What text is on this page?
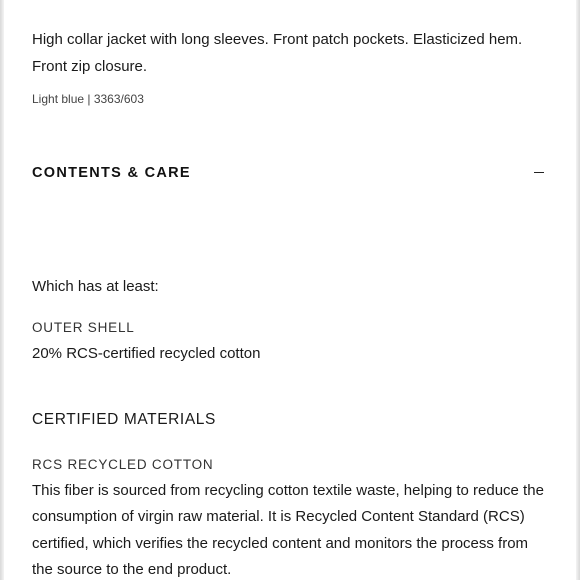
High collar jacket with long sleeves. Front patch pockets. Elasticized hem. Front zip closure.

Light blue | 3363/603

CONTENTS & CARE

Which has at least:

OUTER SHELL

20% RCS-certified recycled cotton

CERTIFIED MATERIALS

RCS RECYCLED COTTON

This fiber is sourced from recycling cotton textile waste, helping to reduce the consumption of virgin raw material. It is Recycled Content Standard (RCS) certified, which verifies the recycled content and monitors the process from the source to the end product.
